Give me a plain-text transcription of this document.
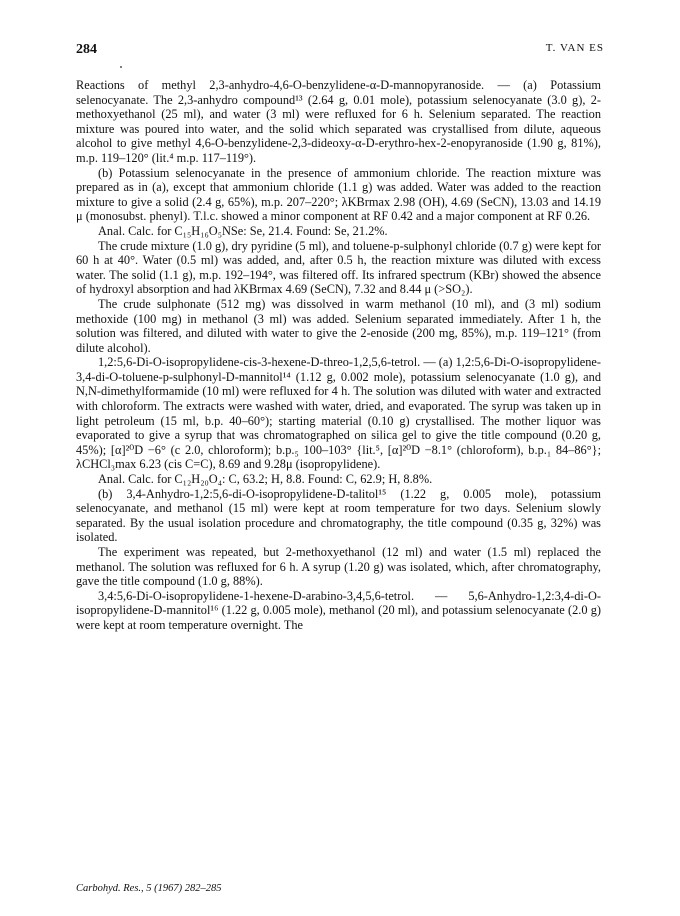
284	T. VAN ES

Reactions of methyl 2,3-anhydro-4,6-O-benzylidene-α-D-mannopyranoside. — (a) Potassium selenocyanate. The 2,3-anhydro compound¹³ (2.64 g, 0.01 mole), potassium selenocyanate (3.0 g), 2-methoxyethanol (25 ml), and water (3 ml) were refluxed for 6 h. Selenium separated. The reaction mixture was poured into water, and the solid which separated was crystallised from dilute, aqueous alcohol to give methyl 4,6-O-benzylidene-2,3-dideoxy-α-D-erythro-hex-2-enopyranoside (1.90 g, 81%), m.p. 119–120° (lit.⁴ m.p. 117–119°).

(b) Potassium selenocyanate in the presence of ammonium chloride. The reaction mixture was prepared as in (a), except that ammonium chloride (1.1 g) was added. Water was added to the reaction mixture to give a solid (2.4 g, 65%), m.p. 207–220°; λKBrmax 2.98 (OH), 4.69 (SeCN), 13.03 and 14.19 μ (monosubst. phenyl). T.l.c. showed a minor component at RF 0.42 and a major component at RF 0.26.

Anal. Calc. for C₁₅H₁₆O₅NSe: Se, 21.4. Found: Se, 21.2%.

The crude mixture (1.0 g), dry pyridine (5 ml), and toluene-p-sulphonyl chloride (0.7 g) were kept for 60 h at 40°. Water (0.5 ml) was added, and, after 0.5 h, the reaction mixture was diluted with excess water. The solid (1.1 g), m.p. 192–194°, was filtered off. Its infrared spectrum (KBr) showed the absence of hydroxyl absorption and had λKBrmax 4.69 (SeCN), 7.32 and 8.44 μ (>SO₂).

The crude sulphonate (512 mg) was dissolved in warm methanol (10 ml), and (3 ml) sodium methoxide (100 mg) in methanol (3 ml) was added. Selenium separated immediately. After 1 h, the solution was filtered, and diluted with water to give the 2-enoside (200 mg, 85%), m.p. 119–121° (from dilute alcohol).

1,2:5,6-Di-O-isopropylidene-cis-3-hexene-D-threo-1,2,5,6-tetrol. — (a) 1,2:5,6-Di-O-isopropylidene-3,4-di-O-toluene-p-sulphonyl-D-mannitol¹⁴ (1.12 g, 0.002 mole), potassium selenocyanate (1.0 g), and N,N-dimethylformamide (10 ml) were refluxed for 4 h. The solution was diluted with water and extracted with chloroform. The extracts were washed with water, dried, and evaporated. The syrup was taken up in light petroleum (15 ml, b.p. 40–60°); starting material (0.10 g) crystallised. The mother liquor was evaporated to give a syrup that was chromatographed on silica gel to give the title compound (0.20 g, 45%); [α]²⁰D −6° (c 2.0, chloroform); b.p.₅ 100–103° {lit.⁵, [α]²⁰D −8.1° (chloroform), b.p.₁ 84–86°}; λCHCl₃max 6.23 (cis C=C), 8.69 and 9.28μ (isopropylidene).

Anal. Calc. for C₁₂H₂₀O₄: C, 63.2; H, 8.8. Found: C, 62.9; H, 8.8%.

(b) 3,4-Anhydro-1,2:5,6-di-O-isopropylidene-D-talitol¹⁵ (1.22 g, 0.005 mole), potassium selenocyanate, and methanol (15 ml) were kept at room temperature for two days. Selenium slowly separated. By the usual isolation procedure and chromatography, the title compound (0.35 g, 32%) was isolated.

The experiment was repeated, but 2-methoxyethanol (12 ml) and water (1.5 ml) replaced the methanol. The solution was refluxed for 6 h. A syrup (1.20 g) was isolated, which, after chromatography, gave the title compound (1.0 g, 88%).

3,4:5,6-Di-O-isopropylidene-1-hexene-D-arabino-3,4,5,6-tetrol. — 5,6-Anhydro-1,2:3,4-di-O-isopropylidene-D-mannitol¹⁶ (1.22 g, 0.005 mole), methanol (20 ml), and potassium selenocyanate (2.0 g) were kept at room temperature overnight. The

Carbohyd. Res., 5 (1967) 282–285
